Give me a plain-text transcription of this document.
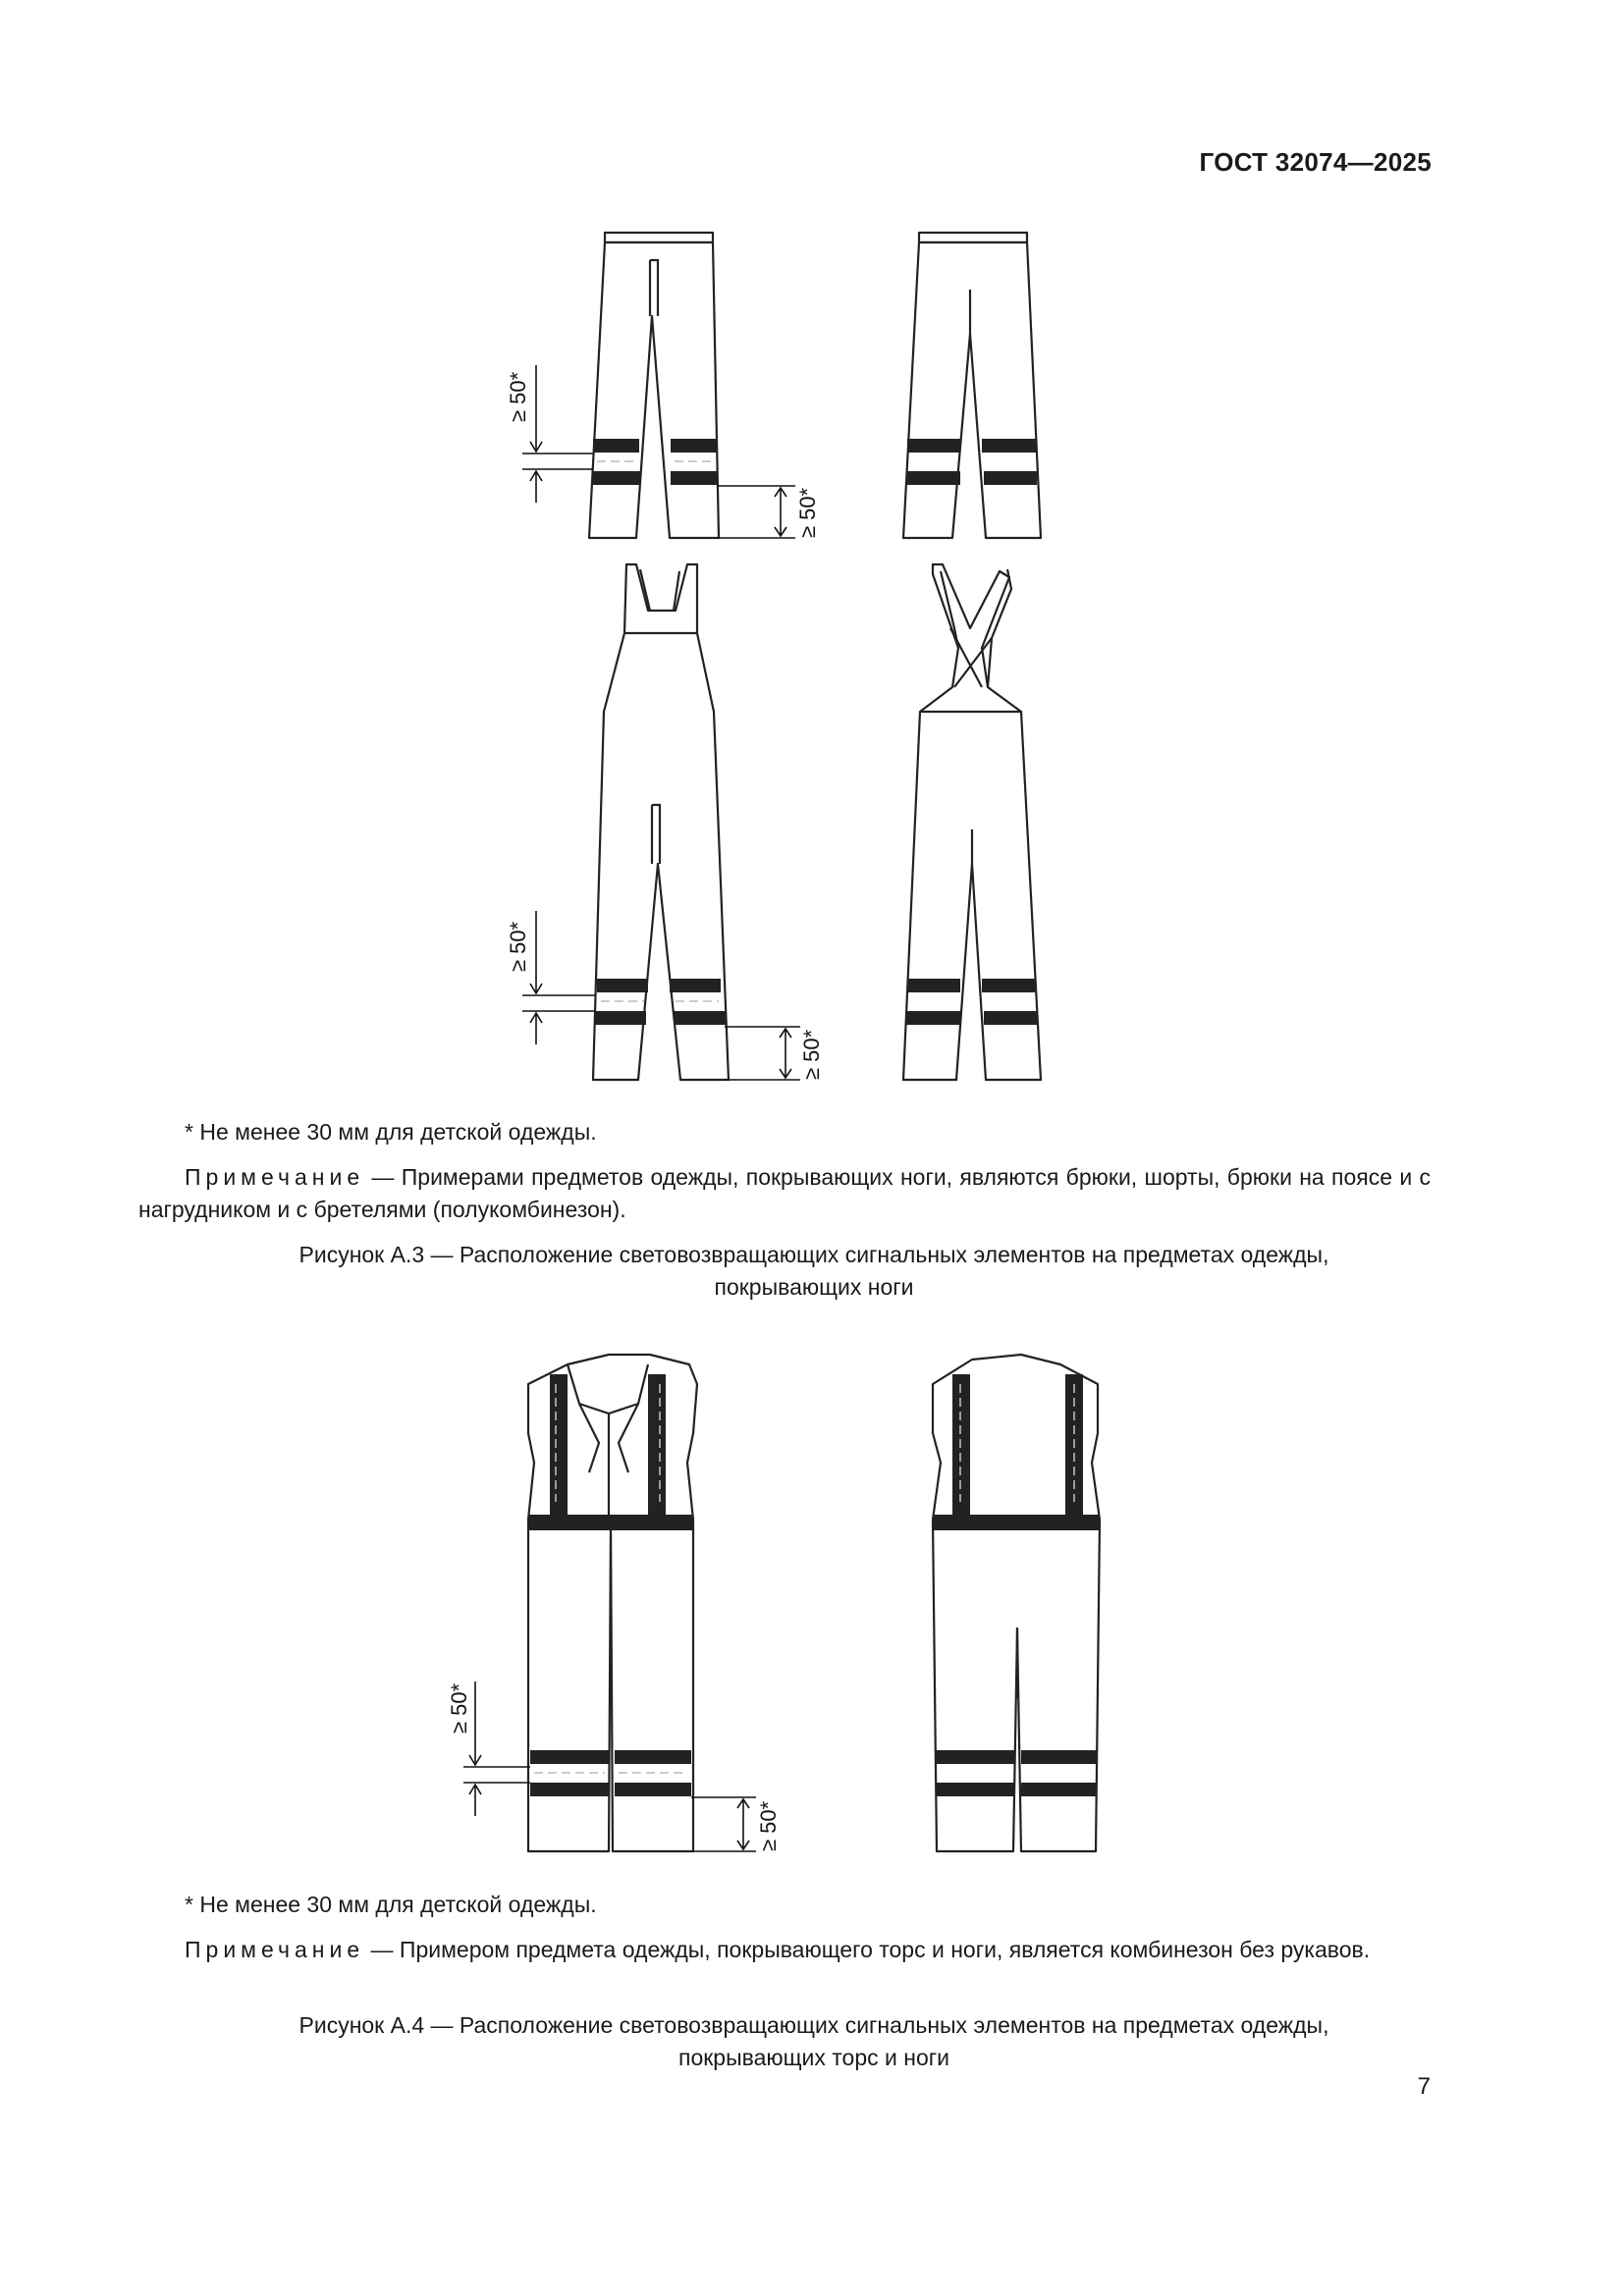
ГОСТ 32074—2025
≥ 50*
≥ 50*
≥ 50*
≥ 50*
≥ 50*
≥ 50*
* Не менее 30 мм для детской одежды.
Примечание — Примерами предметов одежды, покрывающих ноги, являются брюки, шорты, брюки на поясе и с нагрудником и с бретелями (полукомбинезон).
Рисунок А.3 — Расположение световозвращающих сигнальных элементов на предметах одежды,
покрывающих ноги
* Не менее 30 мм для детской одежды.
Примечание — Примером предмета одежды, покрывающего торс и ноги, является комбинезон без рукавов.
Рисунок А.4 — Расположение световозвращающих сигнальных элементов на предметах одежды,
покрывающих торс и ноги
7
